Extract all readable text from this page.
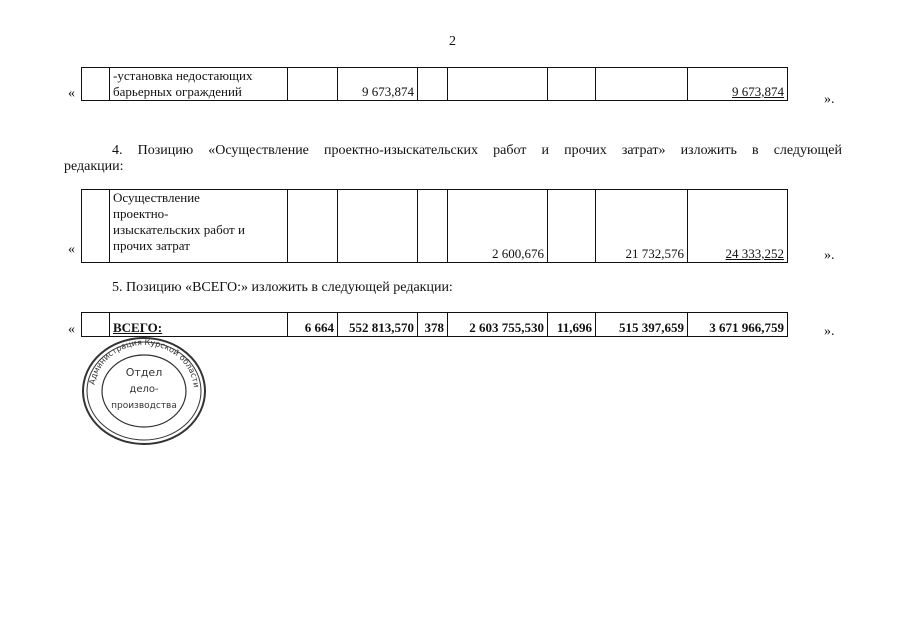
2
«

-установка недостающих
барьерных ограждений		9 673,874					9 673,874
».
4. Позицию «Осуществление проектно-изыскательских работ и прочих затрат» изложить в следующей
редакции:
«

Осуществление
проектно-
изыскательских работ и
прочих затрат
				2 600,676		21 732,576	24 333,252	».
5. Позицию «ВСЕГО:» изложить в следующей редакции:
«
		ВСЕГО:	6 664	552 813,570	378	2 603 755,530	11,696	515 397,659	3 671 966,759	».
Администрация Курской области
Отдел
дело-
производства
